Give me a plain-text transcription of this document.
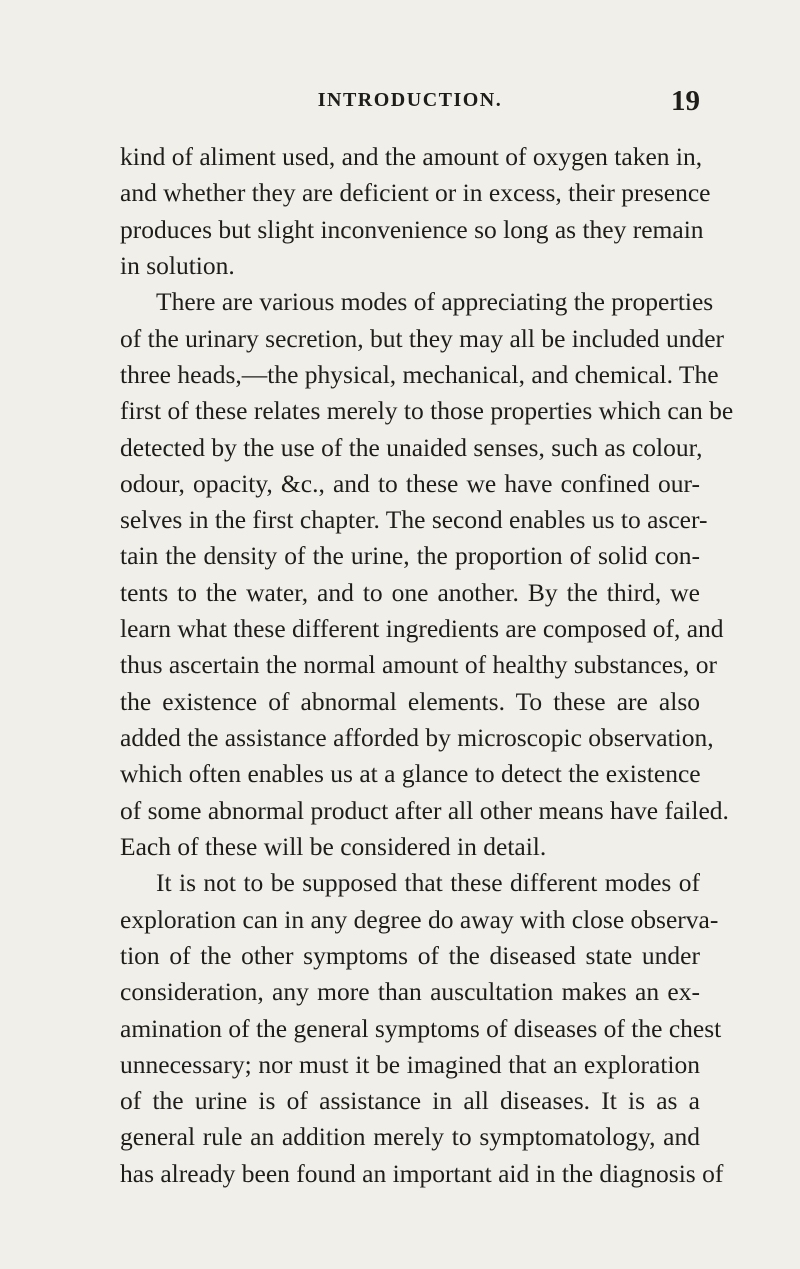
INTRODUCTION.	19
kind of aliment used, and the amount of oxygen taken in,
and whether they are deficient or in excess, their presence
produces but slight inconvenience so long as they remain
in solution.
There are various modes of appreciating the properties
of the urinary secretion, but they may all be included under
three heads,—the physical, mechanical, and chemical. The
first of these relates merely to those properties which can be
detected by the use of the unaided senses, such as colour,
odour, opacity, &c., and to these we have confined our-
selves in the first chapter. The second enables us to ascer-
tain the density of the urine, the proportion of solid con-
tents to the water, and to one another. By the third, we
learn what these different ingredients are composed of, and
thus ascertain the normal amount of healthy substances, or
the existence of abnormal elements. To these are also
added the assistance afforded by microscopic observation,
which often enables us at a glance to detect the existence
of some abnormal product after all other means have failed.
Each of these will be considered in detail.
It is not to be supposed that these different modes of
exploration can in any degree do away with close observa-
tion of the other symptoms of the diseased state under
consideration, any more than auscultation makes an ex-
amination of the general symptoms of diseases of the chest
unnecessary; nor must it be imagined that an exploration
of the urine is of assistance in all diseases. It is as a
general rule an addition merely to symptomatology, and
has already been found an important aid in the diagnosis of
